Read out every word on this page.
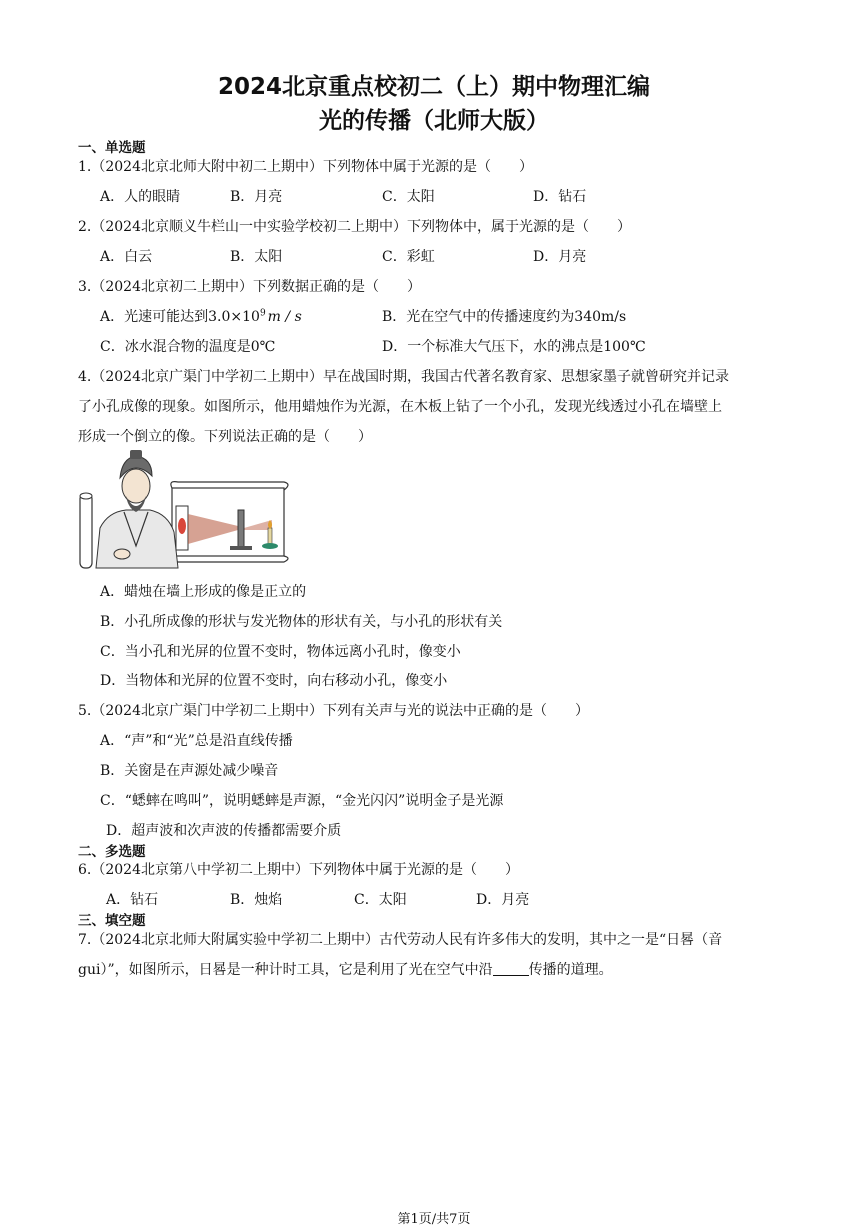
2024北京重点校初二（上）期中物理汇编
光的传播（北师大版）
一、单选题
1.（2024北京北师大附中初二上期中）下列物体中属于光源的是（　　）
A．人的眼睛	B．月亮	C．太阳	D．钻石
2.（2024北京顺义牛栏山一中实验学校初二上期中）下列物体中，属于光源的是（　　）
A．白云	B．太阳	C．彩虹	D．月亮
3.（2024北京初二上期中）下列数据正确的是（　　）
A．光速可能达到$3.0\times 10^9$ m / s	B．光在空气中的传播速度约为340m/s
C．冰水混合物的温度是0℃	D．一个标准大气压下，水的沸点是100℃
4.（2024北京广渠门中学初二上期中）早在战国时期，我国古代著名教育家、思想家墨子就曾研究并记录
了小孔成像的现象。如图所示，他用蜡烛作为光源，在木板上钻了一个小孔，发现光线透过小孔在墙壁上
形成一个倒立的像。下列说法正确的是（　　）
A．蜡烛在墙上形成的像是正立的
B．小孔所成像的形状与发光物体的形状有关，与小孔的形状有关
C．当小孔和光屏的位置不变时，物体远离小孔时，像变小
D．当物体和光屏的位置不变时，向右移动小孔，像变小
5.（2024北京广渠门中学初二上期中）下列有关声与光的说法中正确的是（　　）
A．“声”和“光”总是沿直线传播
B．关窗是在声源处减少噪音
C．“蟋蟀在鸣叫”，说明蟋蟀是声源，“金光闪闪”说明金子是光源
D．超声波和次声波的传播都需要介质
二、多选题
6.（2024北京第八中学初二上期中）下列物体中属于光源的是（　　）
A．钻石	B．烛焰	C．太阳	D．月亮
三、填空题
7.（2024北京北师大附属实验中学初二上期中）古代劳动人民有许多伟大的发明，其中之一是“日晷（音
gui）”，如图所示，日晷是一种计时工具，它是利用了光在空气中沿	传播的道理。
第1页/共7页
